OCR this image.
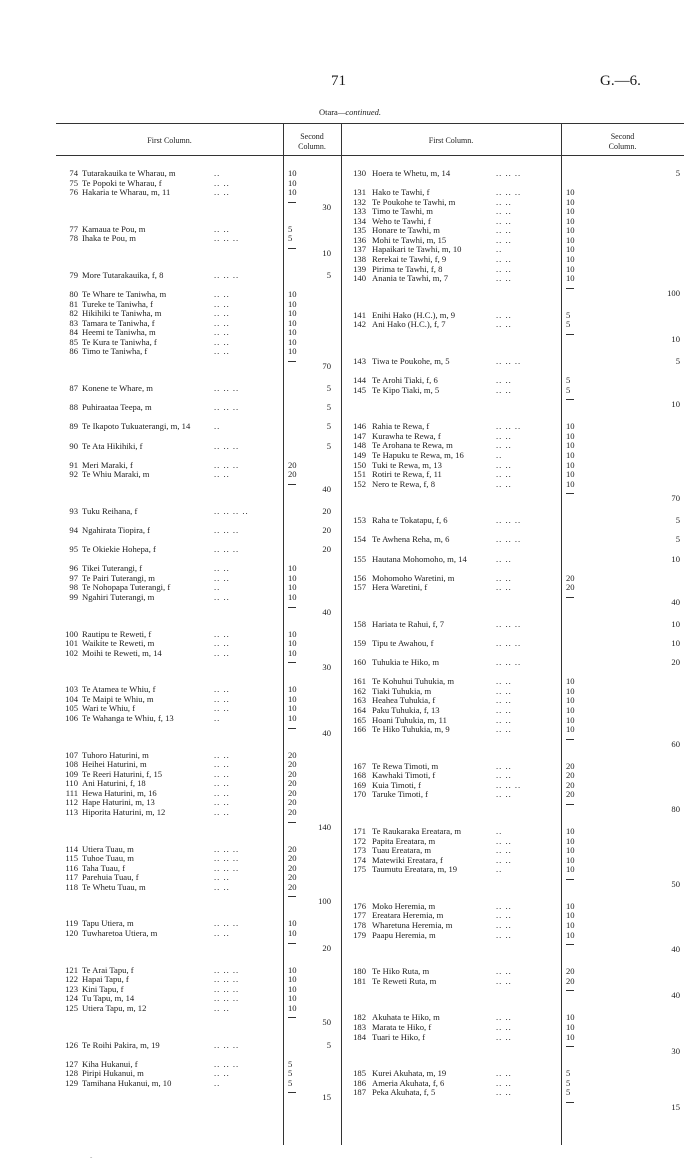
71	G.—6.
Otara—continued.
First Column.	Second
Column.
First Column.	Second
Column.
74 Tutarakauika te Wharau, m	..	10
75 Te Popoki te Wharau, f	.. ..	10
76 Hakaria te Wharau, m, 11	.. ..	10
30
77 Kamaua te Pou, m	.. ..	5
78 Ihaka te Pou, m	.. .. ..	5
10
79 More Tutarakauika, f, 8	.. .. ..	5
80 Te Whare te Taniwha, m	.. ..	10
81 Tureke te Taniwha, f	.. ..	10
82 Hikihiki te Taniwha, m	.. ..	10
83 Tamara te Taniwha, f	.. ..	10
84 Heemi te Taniwha, m	.. ..	10
85 Te Kura te Taniwha, f	.. ..	10
86 Timo te Taniwha, f	.. ..	10
70
87 Konene te Whare, m	.. .. ..	5
88 Puhiraataa Teepa, m	.. .. ..	5
89 Te Ikapoto Tukuaterangi, m, 14	..	5
90 Te Ata Hikihiki, f	.. .. ..	5
91 Meri Maraki, f	.. .. ..	20
92 Te Whiu Maraki, m	.. ..	20
40
93 Tuku Reihana, f	.. .. .. ..	20
94 Ngahirata Tiopira, f	.. .. ..	20
95 Te Okiekie Hohepa, f	.. .. ..	20
96 Tikei Tuterangi, f	.. ..	10
97 Te Pairi Tuterangi, m	.. ..	10
98 Te Nohopapa Tuterangi, f	..	10
99 Ngahiri Tuterangi, m	.. ..	10
40
100 Rautipu te Reweti, f	.. ..	10
101 Waikite te Reweti, m	.. ..	10
102 Moihi te Reweti, m, 14	.. ..	10
30
103 Te Atamea te Whiu, f	.. ..	10
104 Te Maipi te Whiu, m	.. ..	10
105 Wari te Whiu, f	.. ..	10
106 Te Wahanga te Whiu, f, 13	..	10
40
107 Tuhoro Haturini, m	.. ..	20
108 Heihei Haturini, m	.. ..	20
109 Te Reeri Haturini, f, 15	.. ..	20
110 Ani Haturini, f, 18	.. ..	20
111 Hewa Haturini, m, 16	.. ..	20
112 Hape Haturini, m, 13	.. ..	20
113 Hiporita Haturini, m, 12	.. ..	20
140
114 Utiera Tuau, m	.. .. ..	20
115 Tuhoe Tuau, m	.. .. ..	20
116 Taha Tuau, f	.. .. ..	20
117 Parehuia Tuau, f	.. ..	20
118 Te Whetu Tuau, m	.. ..	20
100
119 Tapu Utiera, m	.. .. ..	10
120 Tuwharetoa Utiera, m	.. ..	10
20
121 Te Arai Tapu, f	.. .. ..	10
122 Hapai Tapu, f	.. .. ..	10
123 Kini Tapu, f	.. .. ..	10
124 Tu Tapu, m, 14	.. .. ..	10
125 Utiera Tapu, m, 12	.. ..	10
50
126 Te Roihi Pakira, m, 19	.. .. ..	5
127 Kiha Hukanui, f	.. .. ..	5
128 Piripi Hukanui, m	.. ..	5
129 Tamihana Hukanui, m, 10	..	5
15
130 Hoera te Whetu, m, 14	.. .. ..	5
131 Hako te Tawhi, f	.. .. ..	10
132 Te Poukohe te Tawhi, m	.. ..	10
133 Timo te Tawhi, m	.. ..	10
134 Weho te Tawhi, f	.. ..	10
135 Honare te Tawhi, m	.. ..	10
136 Mohi te Tawhi, m, 15	.. ..	10
137 Hapaikari te Tawhi, m, 10	..	10
138 Rerekai te Tawhi, f, 9	.. ..	10
139 Pirima te Tawhi, f, 8	.. ..	10
140 Anania te Tawhi, m, 7	.. ..	10
100
141 Enihi Hako (H.C.), m, 9	.. ..	5
142 Ani Hako (H.C.), f, 7	.. ..	5
10
143 Tiwa te Poukohe, m, 5	.. .. ..	5
144 Te Arohi Tiaki, f, 6	.. ..	5
145 Te Kipo Tiaki, m, 5	.. ..	5
10
146 Rahia te Rewa, f	.. .. ..	10
147 Kurawha te Rewa, f	.. ..	10
148 Te Arohana te Rewa, m	.. ..	10
149 Te Hapuku te Rewa, m, 16	..	10
150 Tuki te Rewa, m, 13	.. ..	10
151 Rotiri te Rewa, f, 11	.. ..	10
152 Nero te Rewa, f, 8	.. ..	10
70
153 Raha te Tokatapu, f, 6	.. .. ..	5
154 Te Awhena Reha, m, 6	.. .. ..	5
155 Hautana Mohomoho, m, 14	.. ..	10
156 Mohomoho Waretini, m	.. ..	20
157 Hera Waretini, f	.. ..	20
40
158 Hariata te Rahui, f, 7	.. .. ..	10
159 Tipu te Awahou, f	.. .. ..	10
160 Tuhukia te Hiko, m	.. .. ..	20
161 Te Kohuhui Tuhukia, m	.. ..	10
162 Tiaki Tuhukia, m	.. ..	10
163 Heahea Tuhukia, f	.. ..	10
164 Paku Tuhukia, f, 13	.. ..	10
165 Hoani Tuhukia, m, 11	.. ..	10
166 Te Hiko Tuhukia, m, 9	.. ..	10
60
167 Te Rewa Timoti, m	.. ..	20
168 Kawhaki Timoti, f	.. ..	20
169 Kuia Timoti, f	.. .. ..	20
170 Taruke Timoti, f	.. ..	20
80
171 Te Raukaraka Ereatara, m	..	10
172 Papita Ereatara, m	.. ..	10
173 Tuau Ereatara, m	.. ..	10
174 Matewiki Ereatara, f	.. ..	10
175 Taumutu Ereatara, m, 19	..	10
50
176 Moko Heremia, m	.. ..	10
177 Ereatara Heremia, m	.. ..	10
178 Wharetuna Heremia, m	.. ..	10
179 Paapu Heremia, m	.. ..	10
40
180 Te Hiko Ruta, m	.. ..	20
181 Te Reweti Ruta, m	.. ..	20
40
182 Akuhata te Hiko, m	.. ..	10
183 Marata te Hiko, f	.. ..	10
184 Tuari te Hiko, f	.. ..	10
30
185 Kurei Akuhata, m, 19	.. ..	5
186 Ameria Akuhata, f, 6	.. ..	5
187 Peka Akuhata, f, 5	.. ..	5
15
-
